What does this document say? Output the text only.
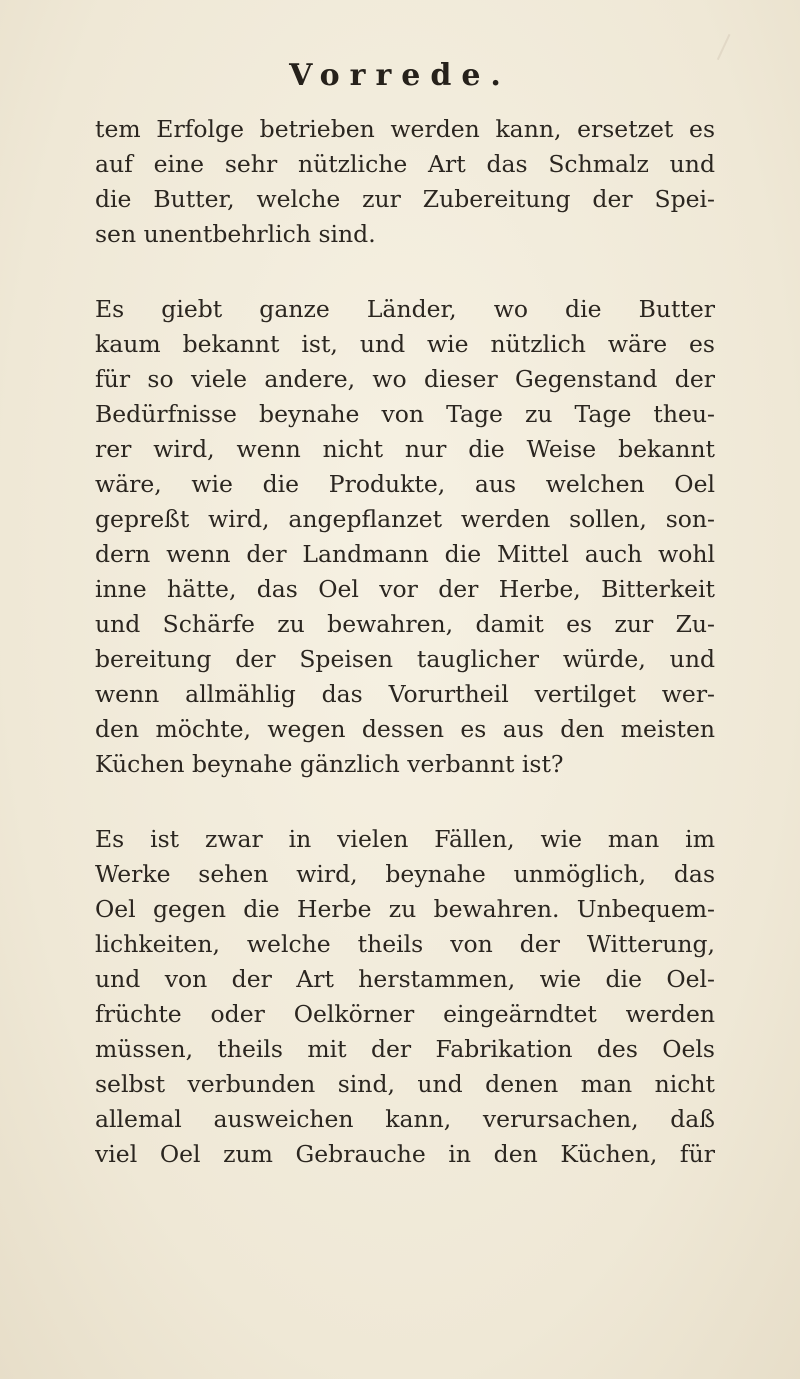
Vorrede.
tem Erfolge betrieben werden kann, ersetzet es
auf eine sehr nützliche Art das Schmalz und
die Butter, welche zur Zubereitung der Spei-
sen unentbehrlich sind.
Es giebt ganze Länder, wo die Butter
kaum bekannt ist, und wie nützlich wäre es
für so viele andere, wo dieser Gegenstand der
Bedürfnisse beynahe von Tage zu Tage theu-
rer wird, wenn nicht nur die Weise bekannt
wäre, wie die Produkte, aus welchen Oel
gepreßt wird, angepflanzet werden sollen, son-
dern wenn der Landmann die Mittel auch wohl
inne hätte, das Oel vor der Herbe, Bitterkeit
und Schärfe zu bewahren, damit es zur Zu-
bereitung der Speisen tauglicher würde, und
wenn allmählig das Vorurtheil vertilget wer-
den möchte, wegen dessen es aus den meisten
Küchen beynahe gänzlich verbannt ist?
Es ist zwar in vielen Fällen, wie man im
Werke sehen wird, beynahe unmöglich, das
Oel gegen die Herbe zu bewahren. Unbequem-
lichkeiten, welche theils von der Witterung,
und von der Art herstammen, wie die Oel-
früchte oder Oelkörner eingeärndtet werden
müssen, theils mit der Fabrikation des Oels
selbst verbunden sind, und denen man nicht
allemal ausweichen kann, verursachen, daß
viel Oel zum Gebrauche in den Küchen, für
